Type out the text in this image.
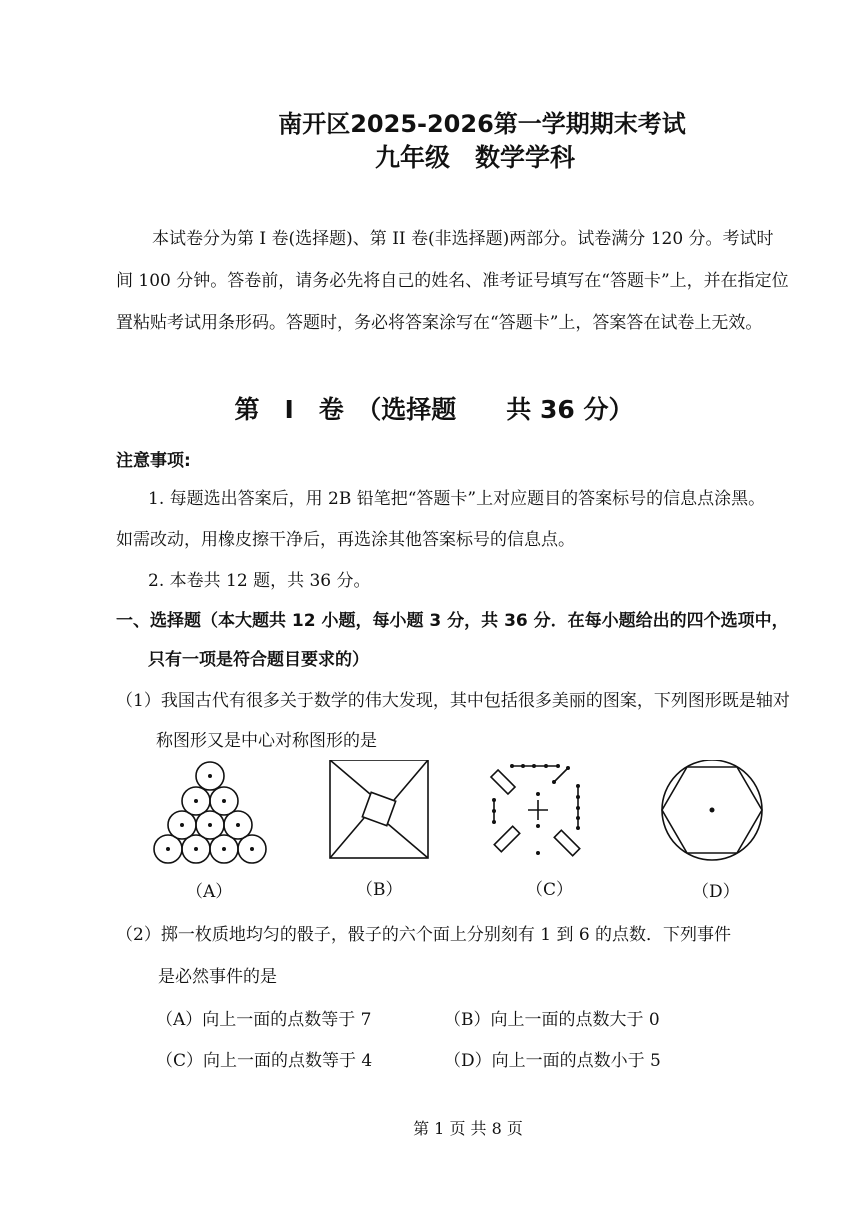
南开区2025-2026第一学期期末考试
九年级　数学学科
本试卷分为第 I 卷(选择题)、第 II 卷(非选择题)两部分。试卷满分 120 分。考试时
间 100 分钟。答卷前，请务必先将自己的姓名、准考证号填写在“答题卡”上，并在指定位
置粘贴考试用条形码。答题时，务必将答案涂写在“答题卡”上，答案答在试卷上无效。
第　I　卷　（选择题　　共 36 分）
注意事项:
1. 每题选出答案后，用 2B 铅笔把“答题卡”上对应题目的答案标号的信息点涂黑。
如需改动，用橡皮擦干净后，再选涂其他答案标号的信息点。
2. 本卷共 12 题，共 36 分。
一、选择题（本大题共 12 小题，每小题 3 分，共 36 分．在每小题给出的四个选项中，
只有一项是符合题目要求的）
（1）我国古代有很多关于数学的伟大发现，其中包括很多美丽的图案，下列图形既是轴对
称图形又是中心对称图形的是
（A）	（B）	（C）	（D）
（2）掷一枚质地均匀的骰子，骰子的六个面上分别刻有 1 到 6 的点数．下列事件
是必然事件的是
（A）向上一面的点数等于 7	（B）向上一面的点数大于 0
（C）向上一面的点数等于 4	（D）向上一面的点数小于 5
第 1 页 共 8 页
